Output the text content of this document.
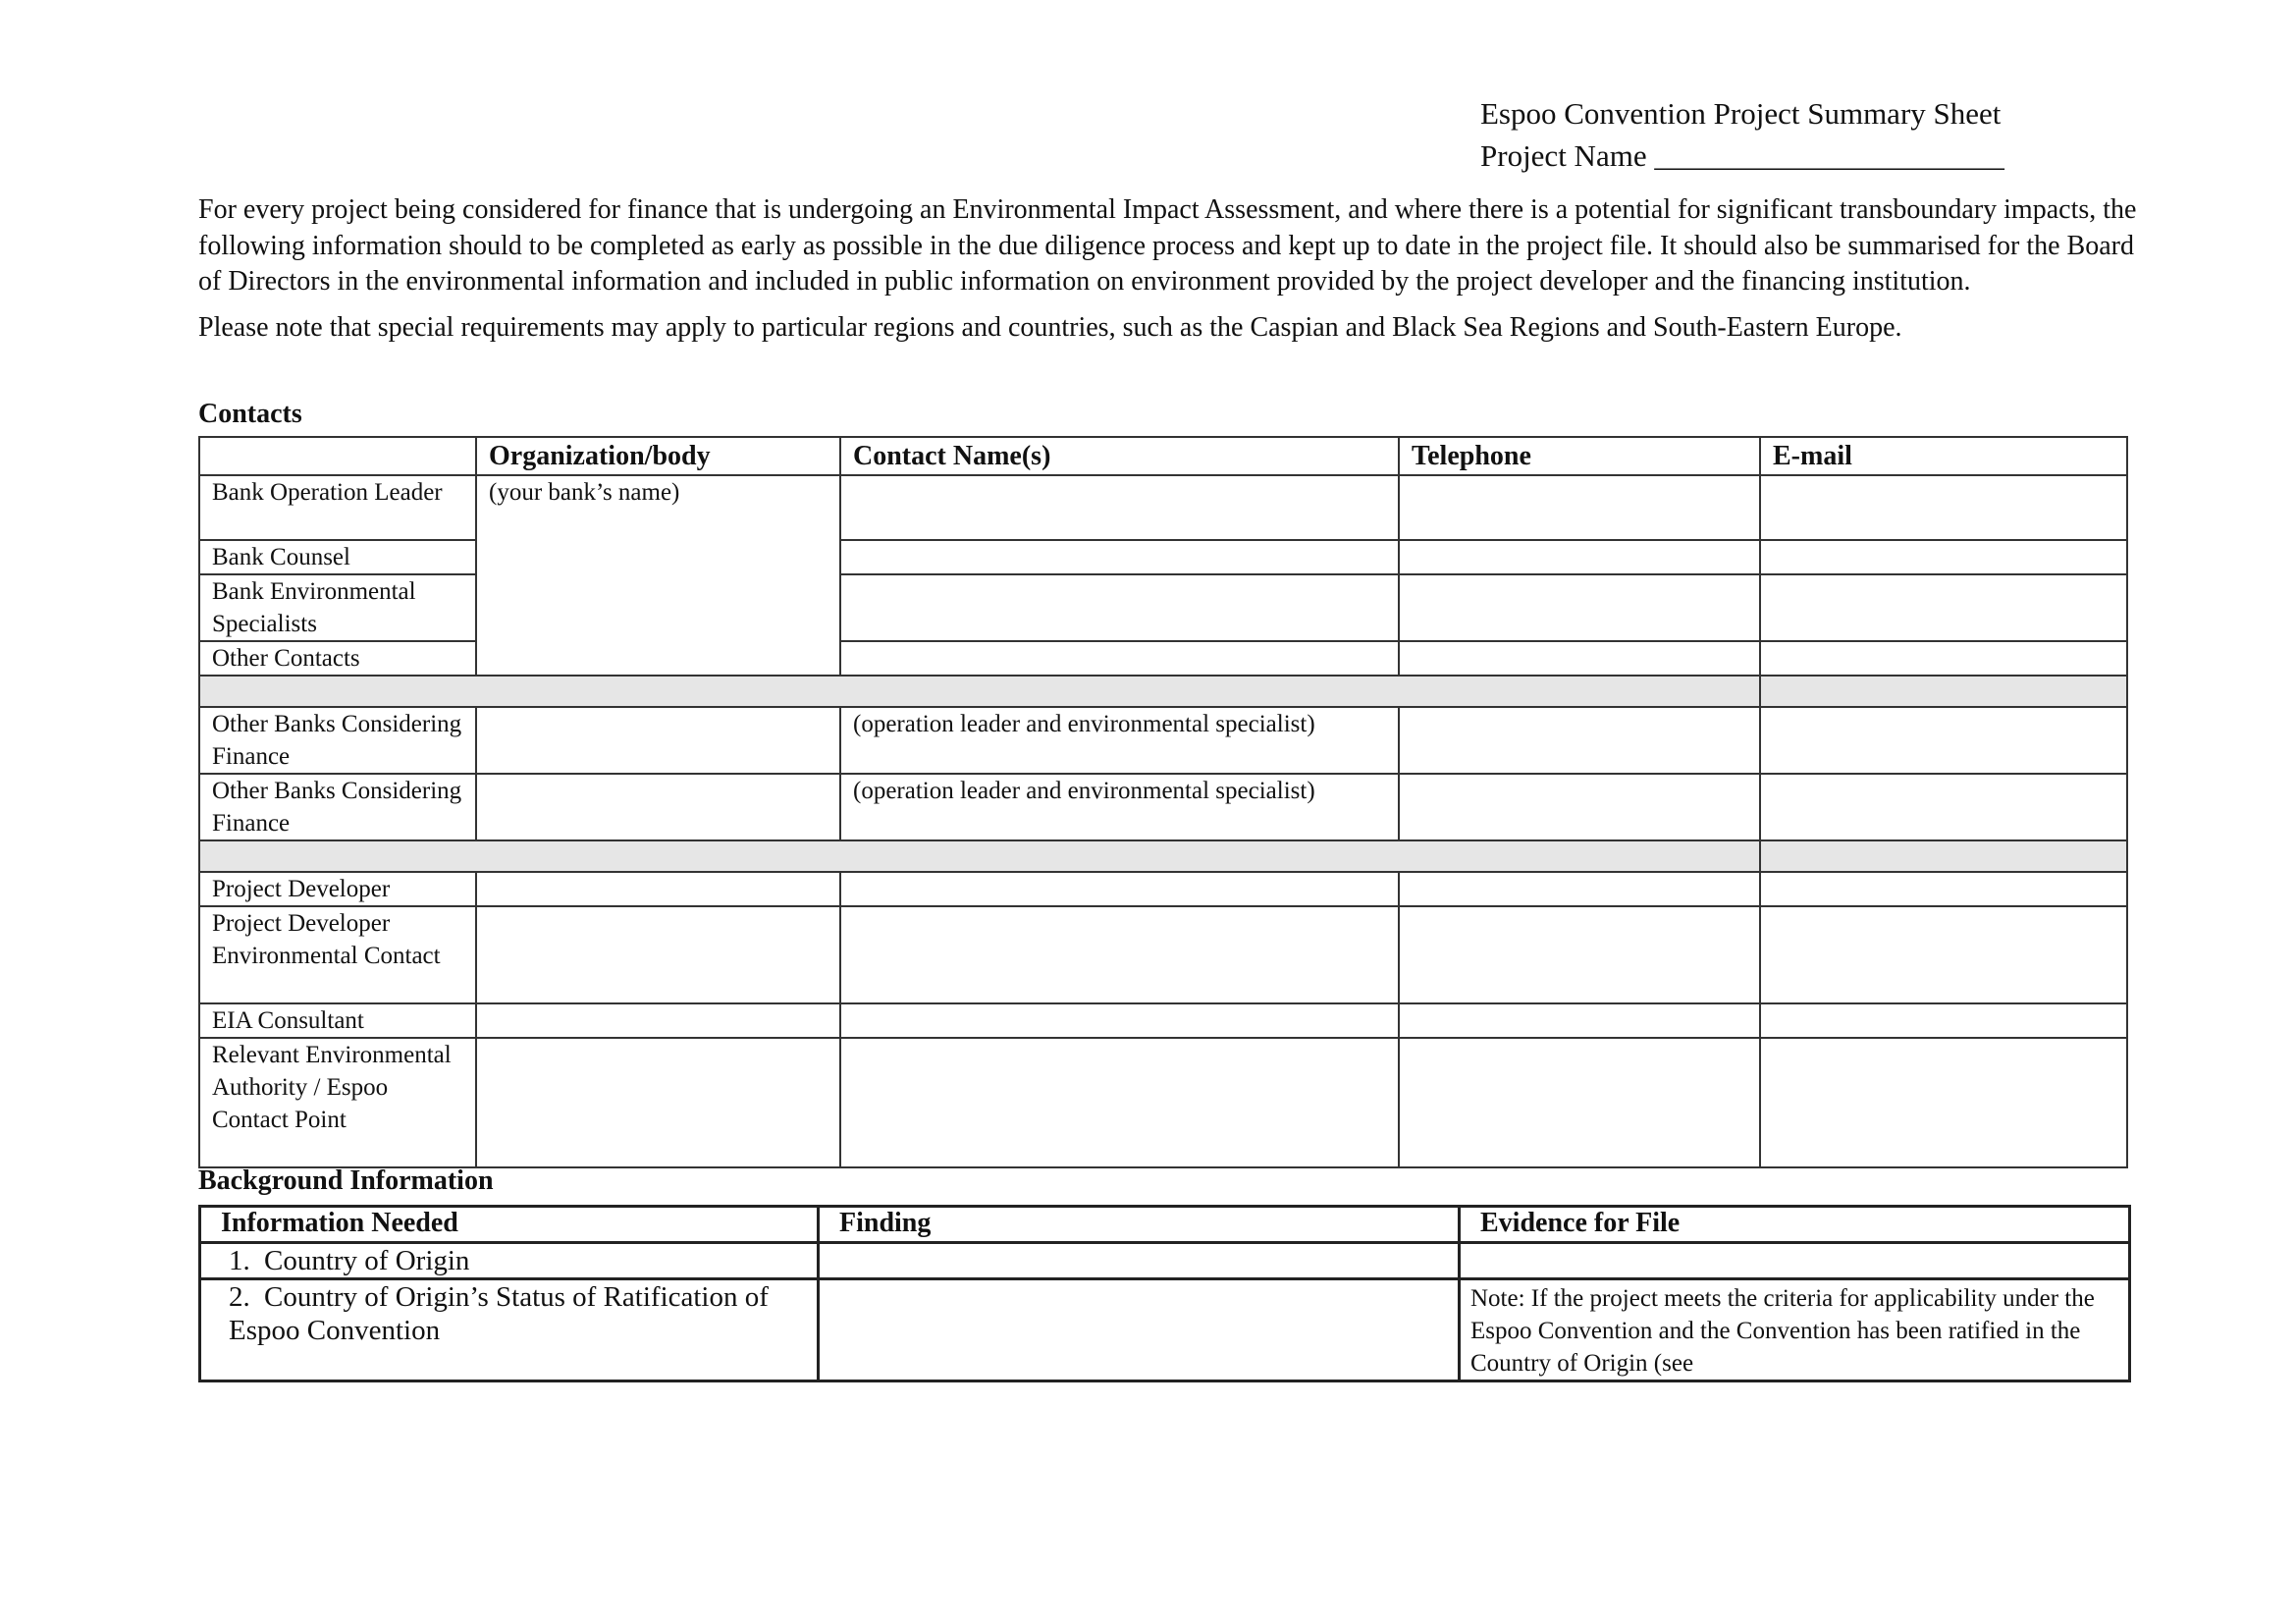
Espoo Convention Project Summary Sheet
Project Name _______________________

For every project being considered for finance that is undergoing an Environmental Impact Assessment, and where there is a potential for significant transboundary impacts, the following information should to be completed as early as possible in the due diligence process and kept up to date in the project file. It should also be summarised for the Board of Directors in the environmental information and included in public information on environment provided by the project developer and the financing institution.

Please note that special requirements may apply to particular regions and countries, such as the Caspian and Black Sea Regions and South-Eastern Europe.

Contacts
	Organization/body	Contact Name(s)	Telephone	E-mail
Bank Operation Leader	(your bank’s name)			
Bank Counsel				
Bank Environmental Specialists				
Other Contacts				

Other Banks Considering Finance		(operation leader and environmental specialist)		
Other Banks Considering Finance		(operation leader and environmental specialist)		

Project Developer				
Project Developer Environmental Contact				
EIA Consultant				
Relevant Environmental Authority / Espoo Contact Point				
Background Information
Information Needed	Finding	Evidence for File
1. Country of Origin		
2. Country of Origin’s Status of Ratification of Espoo Convention		Note: If the project meets the criteria for applicability under the Espoo Convention and the Convention has been ratified in the Country of Origin (see
